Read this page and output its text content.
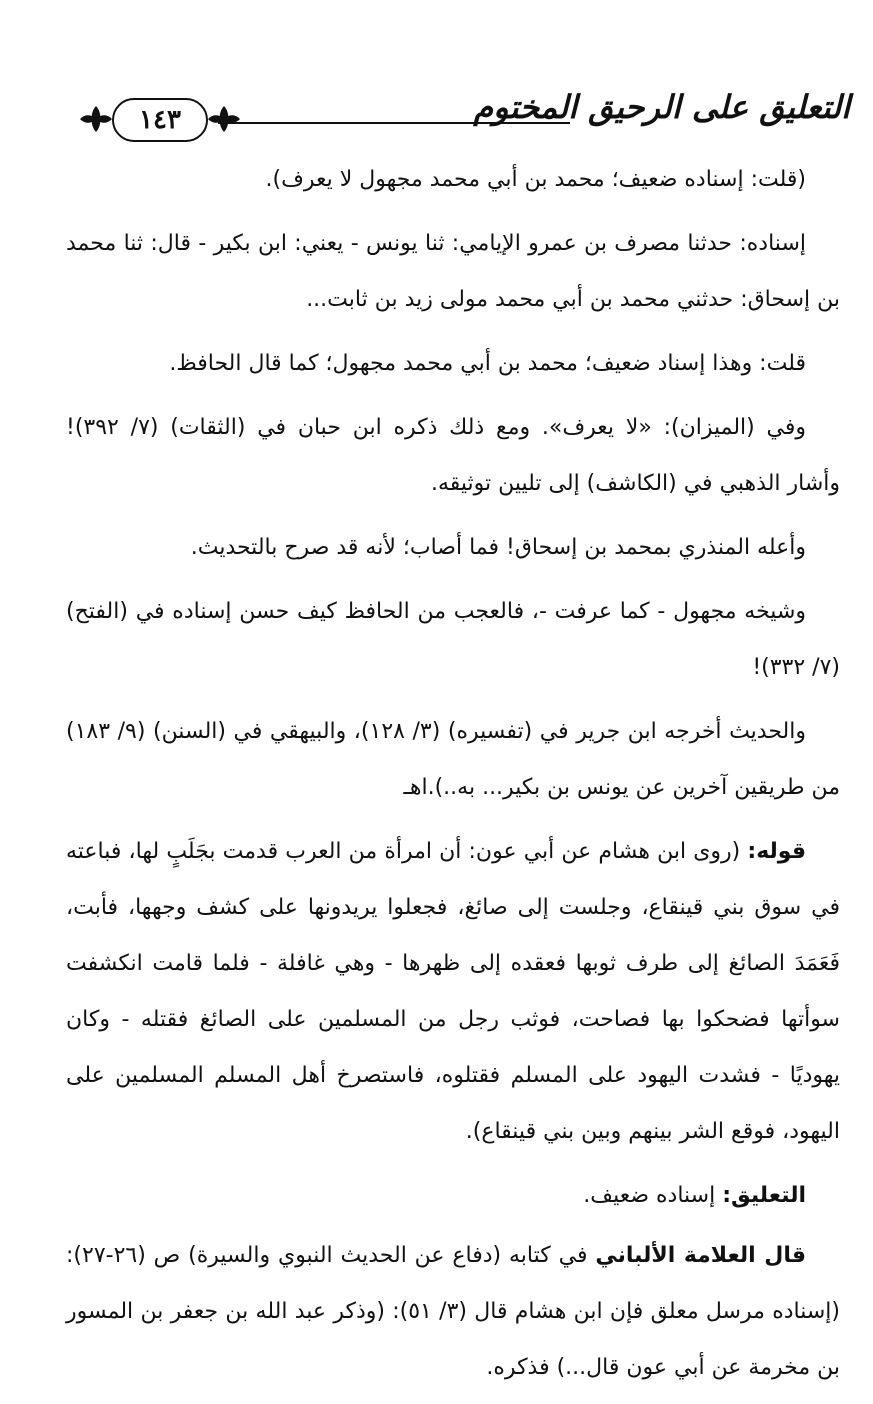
١٤٣	التعليق على الرحيق المختوم

(قلت: إسناده ضعيف؛ محمد بن أبي محمد مجهول لا يعرف).

إسناده: حدثنا مصرف بن عمرو الإيامي: ثنا يونس - يعني: ابن بكير - قال: ثنا محمد بن إسحاق: حدثني محمد بن أبي محمد مولى زيد بن ثابت...

قلت: وهذا إسناد ضعيف؛ محمد بن أبي محمد مجهول؛ كما قال الحافظ.

وفي (الميزان): «لا يعرف». ومع ذلك ذكره ابن حبان في (الثقات) (٧/ ٣٩٢)! وأشار الذهبي في (الكاشف) إلى تليين توثيقه.

وأعله المنذري بمحمد بن إسحاق! فما أصاب؛ لأنه قد صرح بالتحديث.

وشيخه مجهول - كما عرفت -، فالعجب من الحافظ كيف حسن إسناده في (الفتح) (٧/ ٣٣٢)!

والحديث أخرجه ابن جرير في (تفسيره) (٣/ ١٢٨)، والبيهقي في (السنن) (٩/ ١٨٣) من طريقين آخرين عن يونس بن بكير... به..).اهـ

قوله: (روى ابن هشام عن أبي عون: أن امرأة من العرب قدمت بجَلَبٍ لها، فباعته في سوق بني قينقاع، وجلست إلى صائغ، فجعلوا يريدونها على كشف وجهها، فأبت، فَعَمَدَ الصائغ إلى طرف ثوبها فعقده إلى ظهرها - وهي غافلة - فلما قامت انكشفت سوأتها فضحكوا بها فصاحت، فوثب رجل من المسلمين على الصائغ فقتله - وكان يهوديًا - فشدت اليهود على المسلم فقتلوه، فاستصرخ أهل المسلم المسلمين على اليهود، فوقع الشر بينهم وبين بني قينقاع).

التعليق: إسناده ضعيف.

قال العلامة الألباني في كتابه (دفاع عن الحديث النبوي والسيرة) ص (٢٦-٢٧): (إسناده مرسل معلق فإن ابن هشام قال (٣/ ٥١): (وذكر عبد الله بن جعفر بن المسور بن مخرمة عن أبي عون قال...) فذكره.
